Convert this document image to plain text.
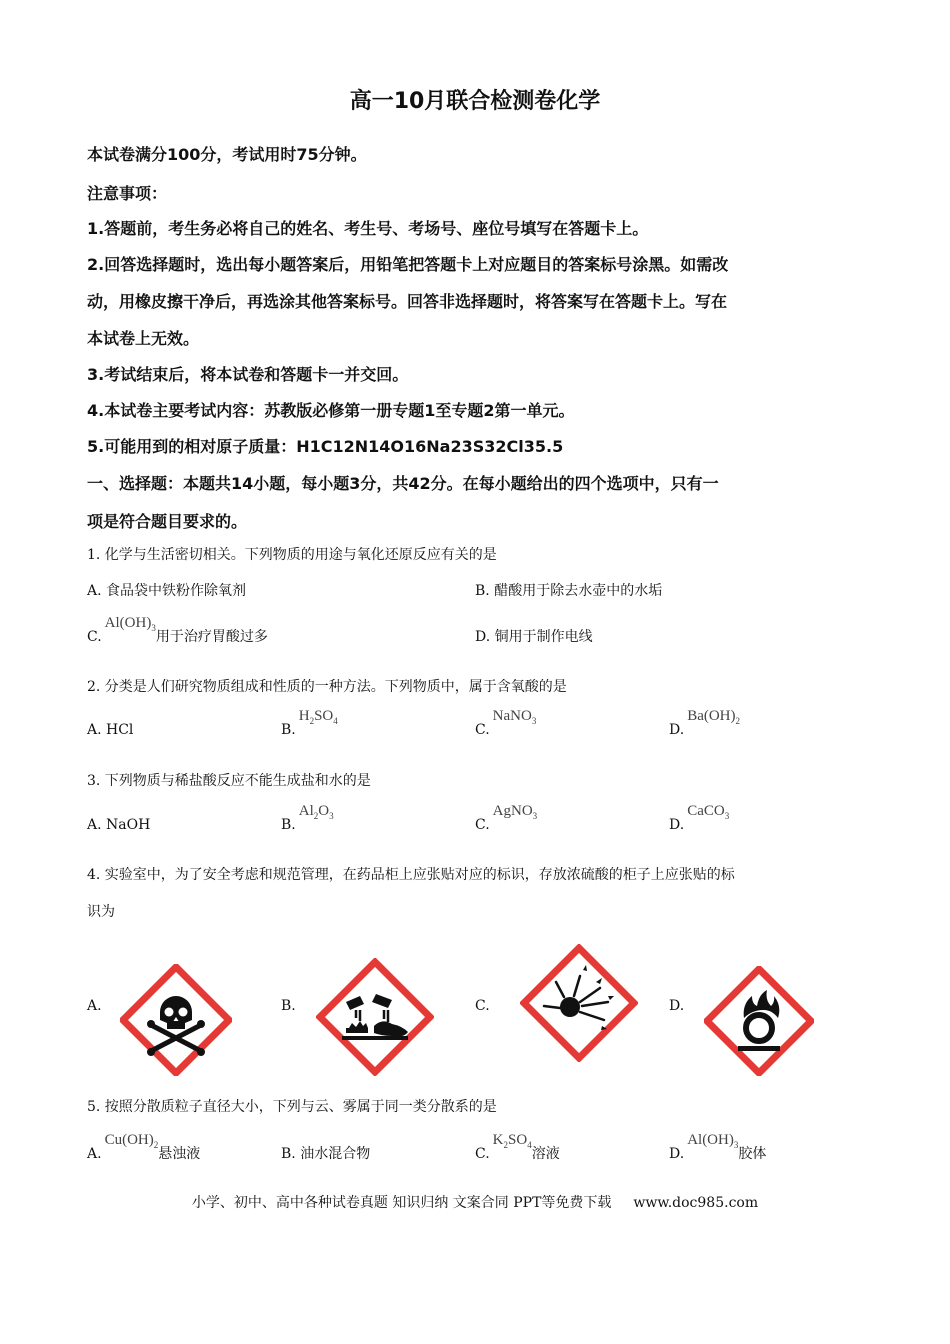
高一10月联合检测卷化学
本试卷满分100分，考试用时75分钟。
注意事项：
1.答题前，考生务必将自己的姓名、考生号、考场号、座位号填写在答题卡上。
2.回答选择题时，选出每小题答案后，用铅笔把答题卡上对应题目的答案标号涂黑。如需改
动，用橡皮擦干净后，再选涂其他答案标号。回答非选择题时，将答案写在答题卡上。写在
本试卷上无效。
3.考试结束后，将本试卷和答题卡一并交回。
4.本试卷主要考试内容：苏教版必修第一册专题1至专题2第一单元。
5.可能用到的相对原子质量：H1C12N14O16Na23S32Cl35.5
一、选择题：本题共14小题，每小题3分，共42分。在每小题给出的四个选项中，只有一
项是符合题目要求的。
1. 化学与生活密切相关。下列物质的用途与氧化还原反应有关的是
A. 食品袋中铁粉作除氧剂	B. 醋酸用于除去水壶中的水垢
$C.Al(OH)_3$用于治疗胃酸过多	D. 铜用于制作电线
2. 分类是人们研究物质组成和性质的一种方法。下列物质中，属于含氧酸的是
A. HCl	$B.H_2SO_4$
C.NaNO$_3$
$D.Ba(OH)_2$
3. 下列物质与稀盐酸反应不能生成盐和水的是
A. NaOH	$B.Al_2O_3$
C.AgNO$_3$
D.CaCO$_3$
4. 实验室中，为了安全考虑和规范管理，在药品柜上应张贴对应的标识，存放浓硫酸的柜子上应张贴的标
识为
A.	B.	C.	D.
5. 按照分散质粒子直径大小，下列与云、雾属于同一类分散系的是
$A.Cu(OH)_2$悬浊液	B. 油水混合物	$C.K_2SO_4$溶液	$D.Al(OH)_3$胶体
小学、初中、高中各种试卷真题 知识归纳 文案合同 PPT等免费下载 www.doc985.com
